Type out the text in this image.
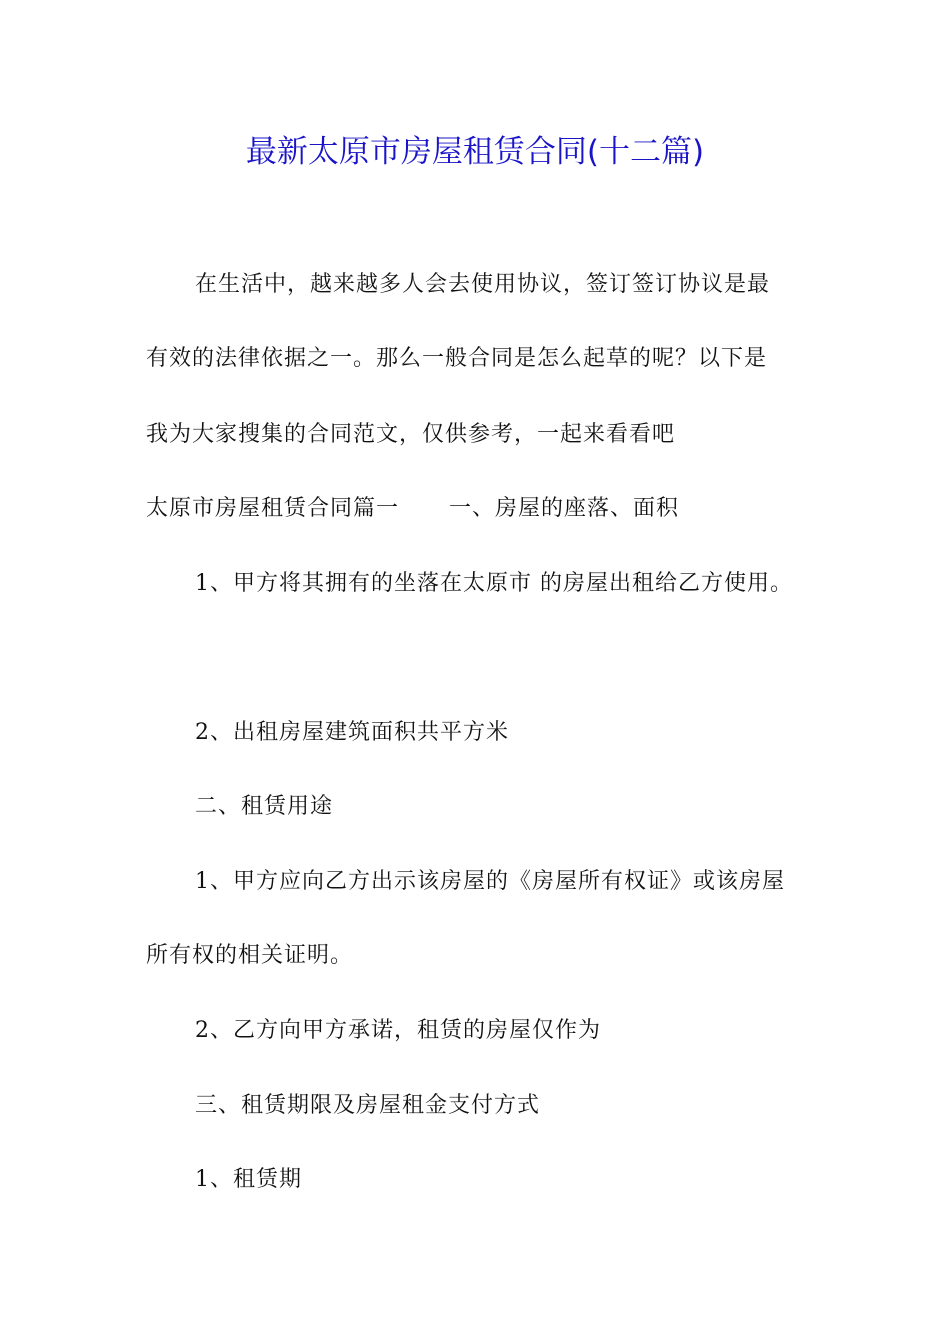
最新太原市房屋租赁合同(十二篇)
在生活中，越来越多人会去使用协议，签订签订协议是最
有效的法律依据之一。那么一般合同是怎么起草的呢？以下是
我为大家搜集的合同范文，仅供参考，一起来看看吧
太原市房屋租赁合同篇一 一、房屋的座落、面积
1、甲方将其拥有的坐落在太原市 的房屋出租给乙方使用。
2、出租房屋建筑面积共平方米
二、租赁用途
1、甲方应向乙方出示该房屋的《房屋所有权证》或该房屋
所有权的相关证明。
2、乙方向甲方承诺，租赁的房屋仅作为
三、租赁期限及房屋租金支付方式
1、租赁期
